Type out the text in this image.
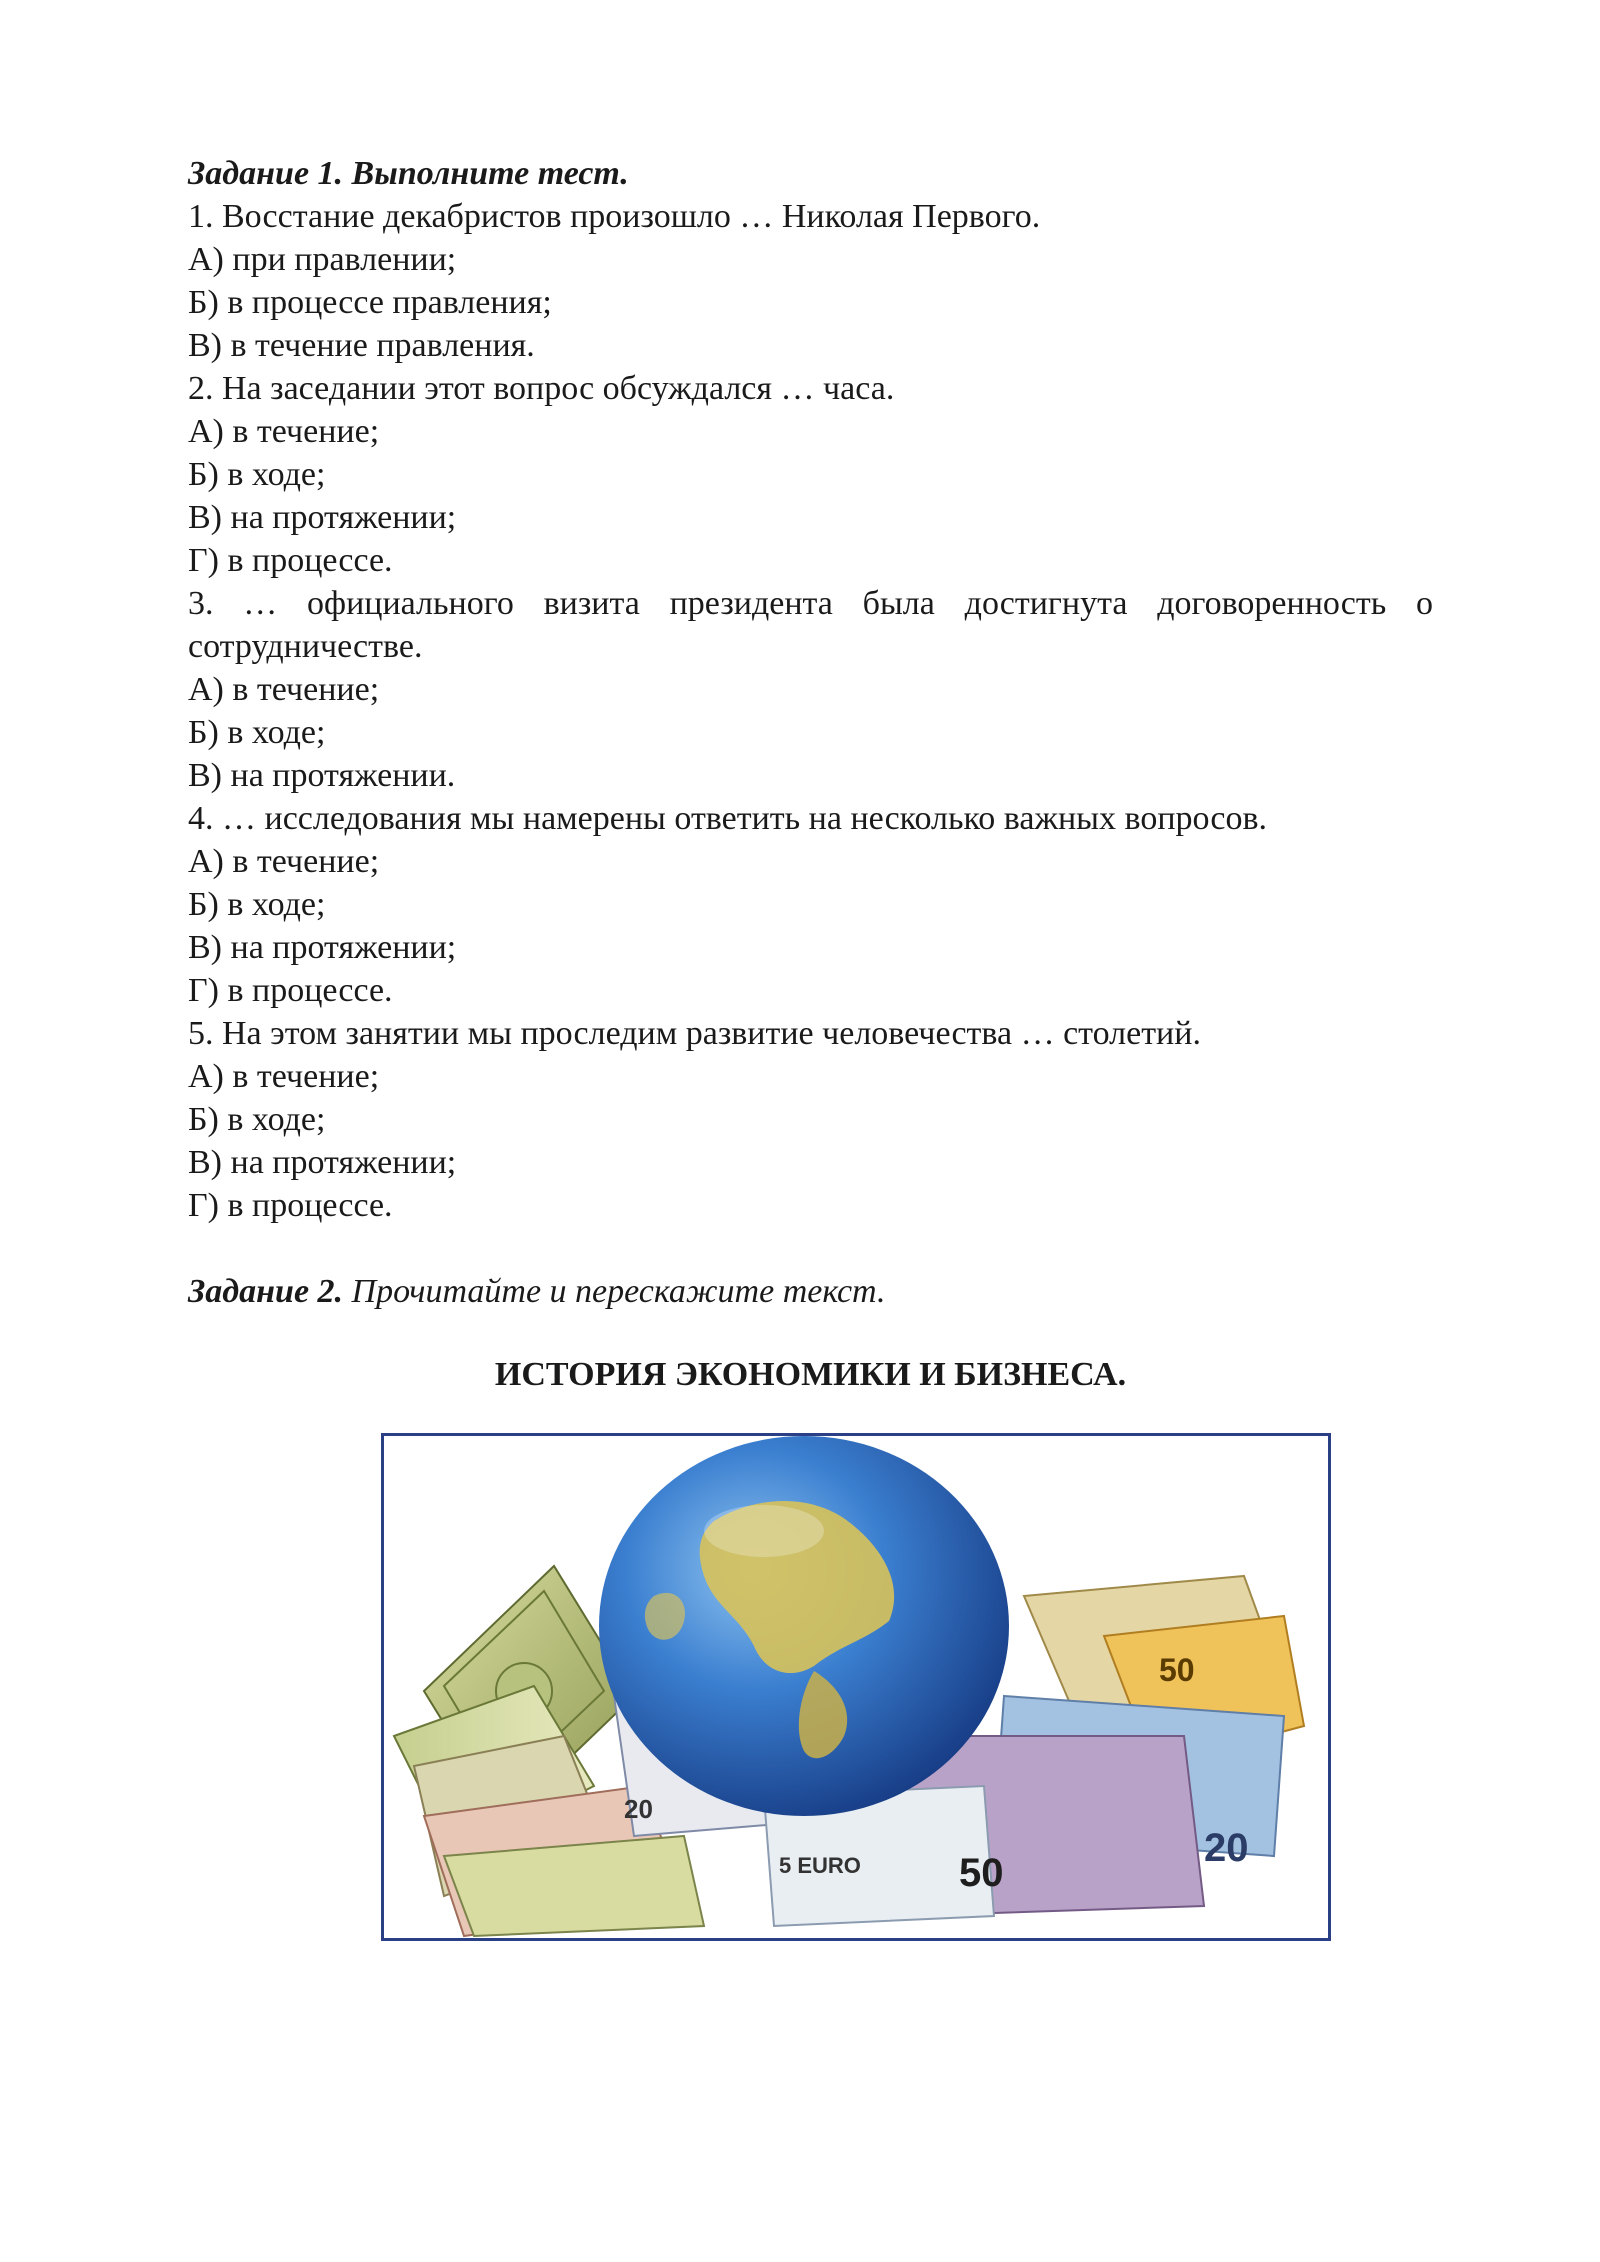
Задание 1. Выполните тест.
1. Восстание декабристов произошло … Николая Первого.
А) при правлении;
Б) в процессе правления;
В) в течение правления.
2. На заседании этот вопрос обсуждался … часа.
А) в течение;
Б) в ходе;
В) на протяжении;
Г) в процессе.
3. … официального визита президента была достигнута договоренность о сотрудничестве.
А) в течение;
Б) в ходе;
В) на протяжении.
4. … исследования мы намерены ответить на несколько важных вопросов.
А) в течение;
Б) в ходе;
В) на протяжении;
Г) в процессе.
5. На этом занятии мы проследим развитие человечества … столетий.
А) в течение;
Б) в ходе;
В) на протяжении;
Г) в процессе.
Задание 2. Прочитайте и перескажите текст.
ИСТОРИЯ ЭКОНОМИКИ И БИЗНЕСА.
20
5 EURO 50
20
50
